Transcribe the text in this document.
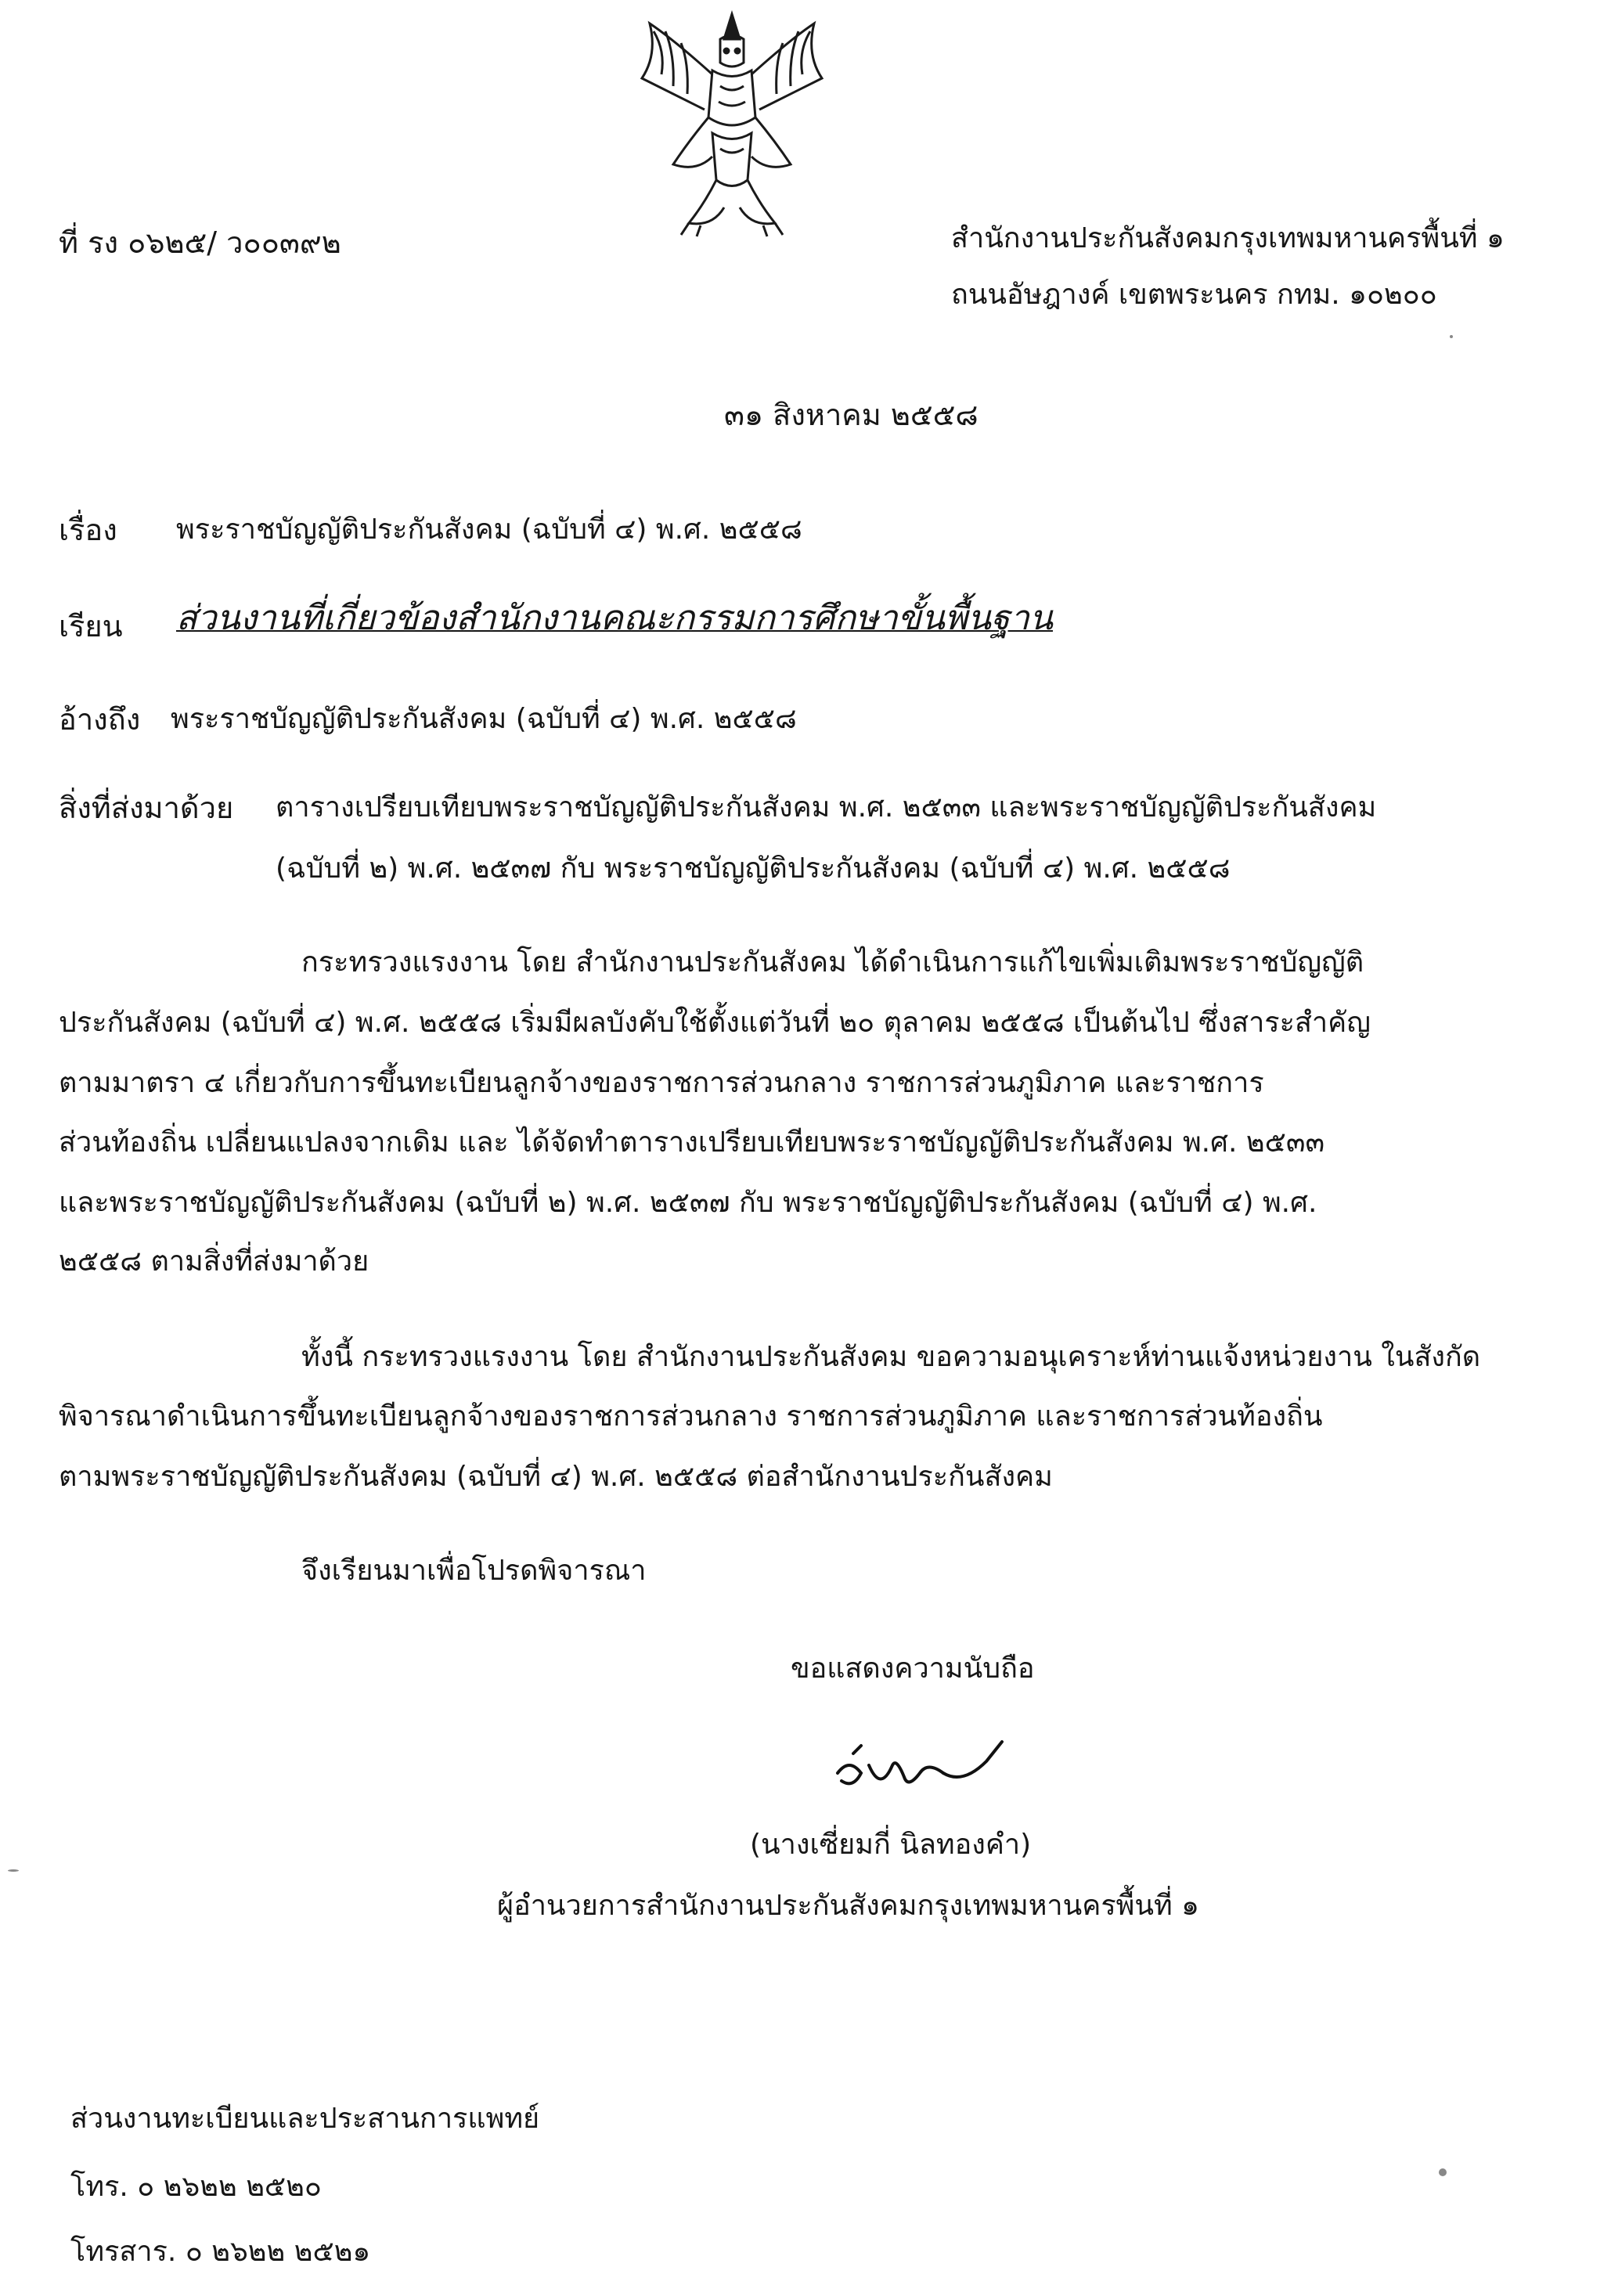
ที่ รง ๐๖๒๕/ ว๐๐๓๙๒	สำนักงานประกันสังคมกรุงเทพมหานครพื้นที่ ๑
ถนนอัษฎางค์ เขตพระนคร กทม. ๑๐๒๐๐
๓๑ สิงหาคม ๒๕๕๘
เรื่อง พระราชบัญญัติประกันสังคม (ฉบับที่ ๔) พ.ศ. ๒๕๕๘
เรียน ส่วนงานที่เกี่ยวข้องสำนักงานคณะกรรมการศึกษาขั้นพื้นฐาน
อ้างถึง พระราชบัญญัติประกันสังคม (ฉบับที่ ๔) พ.ศ. ๒๕๕๘
สิ่งที่ส่งมาด้วย ตารางเปรียบเทียบพระราชบัญญัติประกันสังคม พ.ศ. ๒๕๓๓ และพระราชบัญญัติประกันสังคม
(ฉบับที่ ๒) พ.ศ. ๒๕๓๗ กับ พระราชบัญญัติประกันสังคม (ฉบับที่ ๔) พ.ศ. ๒๕๕๘
กระทรวงแรงงาน โดย สำนักงานประกันสังคม ได้ดำเนินการแก้ไขเพิ่มเติมพระราชบัญญัติ
ประกันสังคม (ฉบับที่ ๔) พ.ศ. ๒๕๕๘ เริ่มมีผลบังคับใช้ตั้งแต่วันที่ ๒๐ ตุลาคม ๒๕๕๘ เป็นต้นไป ซึ่งสาระสำคัญ
ตามมาตรา ๔ เกี่ยวกับการขึ้นทะเบียนลูกจ้างของราชการส่วนกลาง ราชการส่วนภูมิภาค และราชการ
ส่วนท้องถิ่น เปลี่ยนแปลงจากเดิม และ ได้จัดทำตารางเปรียบเทียบพระราชบัญญัติประกันสังคม พ.ศ. ๒๕๓๓
และพระราชบัญญัติประกันสังคม (ฉบับที่ ๒) พ.ศ. ๒๕๓๗ กับ พระราชบัญญัติประกันสังคม (ฉบับที่ ๔) พ.ศ.
๒๕๕๘ ตามสิ่งที่ส่งมาด้วย
ทั้งนี้ กระทรวงแรงงาน โดย สำนักงานประกันสังคม ขอความอนุเคราะห์ท่านแจ้งหน่วยงาน ในสังกัด
พิจารณาดำเนินการขึ้นทะเบียนลูกจ้างของราชการส่วนกลาง ราชการส่วนภูมิภาค และราชการส่วนท้องถิ่น
ตามพระราชบัญญัติประกันสังคม (ฉบับที่ ๔) พ.ศ. ๒๕๕๘ ต่อสำนักงานประกันสังคม
จึงเรียนมาเพื่อโปรดพิจารณา
ขอแสดงความนับถือ
(นางเซี่ยมกี่ นิลทองคำ)
ผู้อำนวยการสำนักงานประกันสังคมกรุงเทพมหานครพื้นที่ ๑
ส่วนงานทะเบียนและประสานการแพทย์
โทร. ๐ ๒๖๒๒ ๒๕๒๐
โทรสาร. ๐ ๒๖๒๒ ๒๕๒๑
